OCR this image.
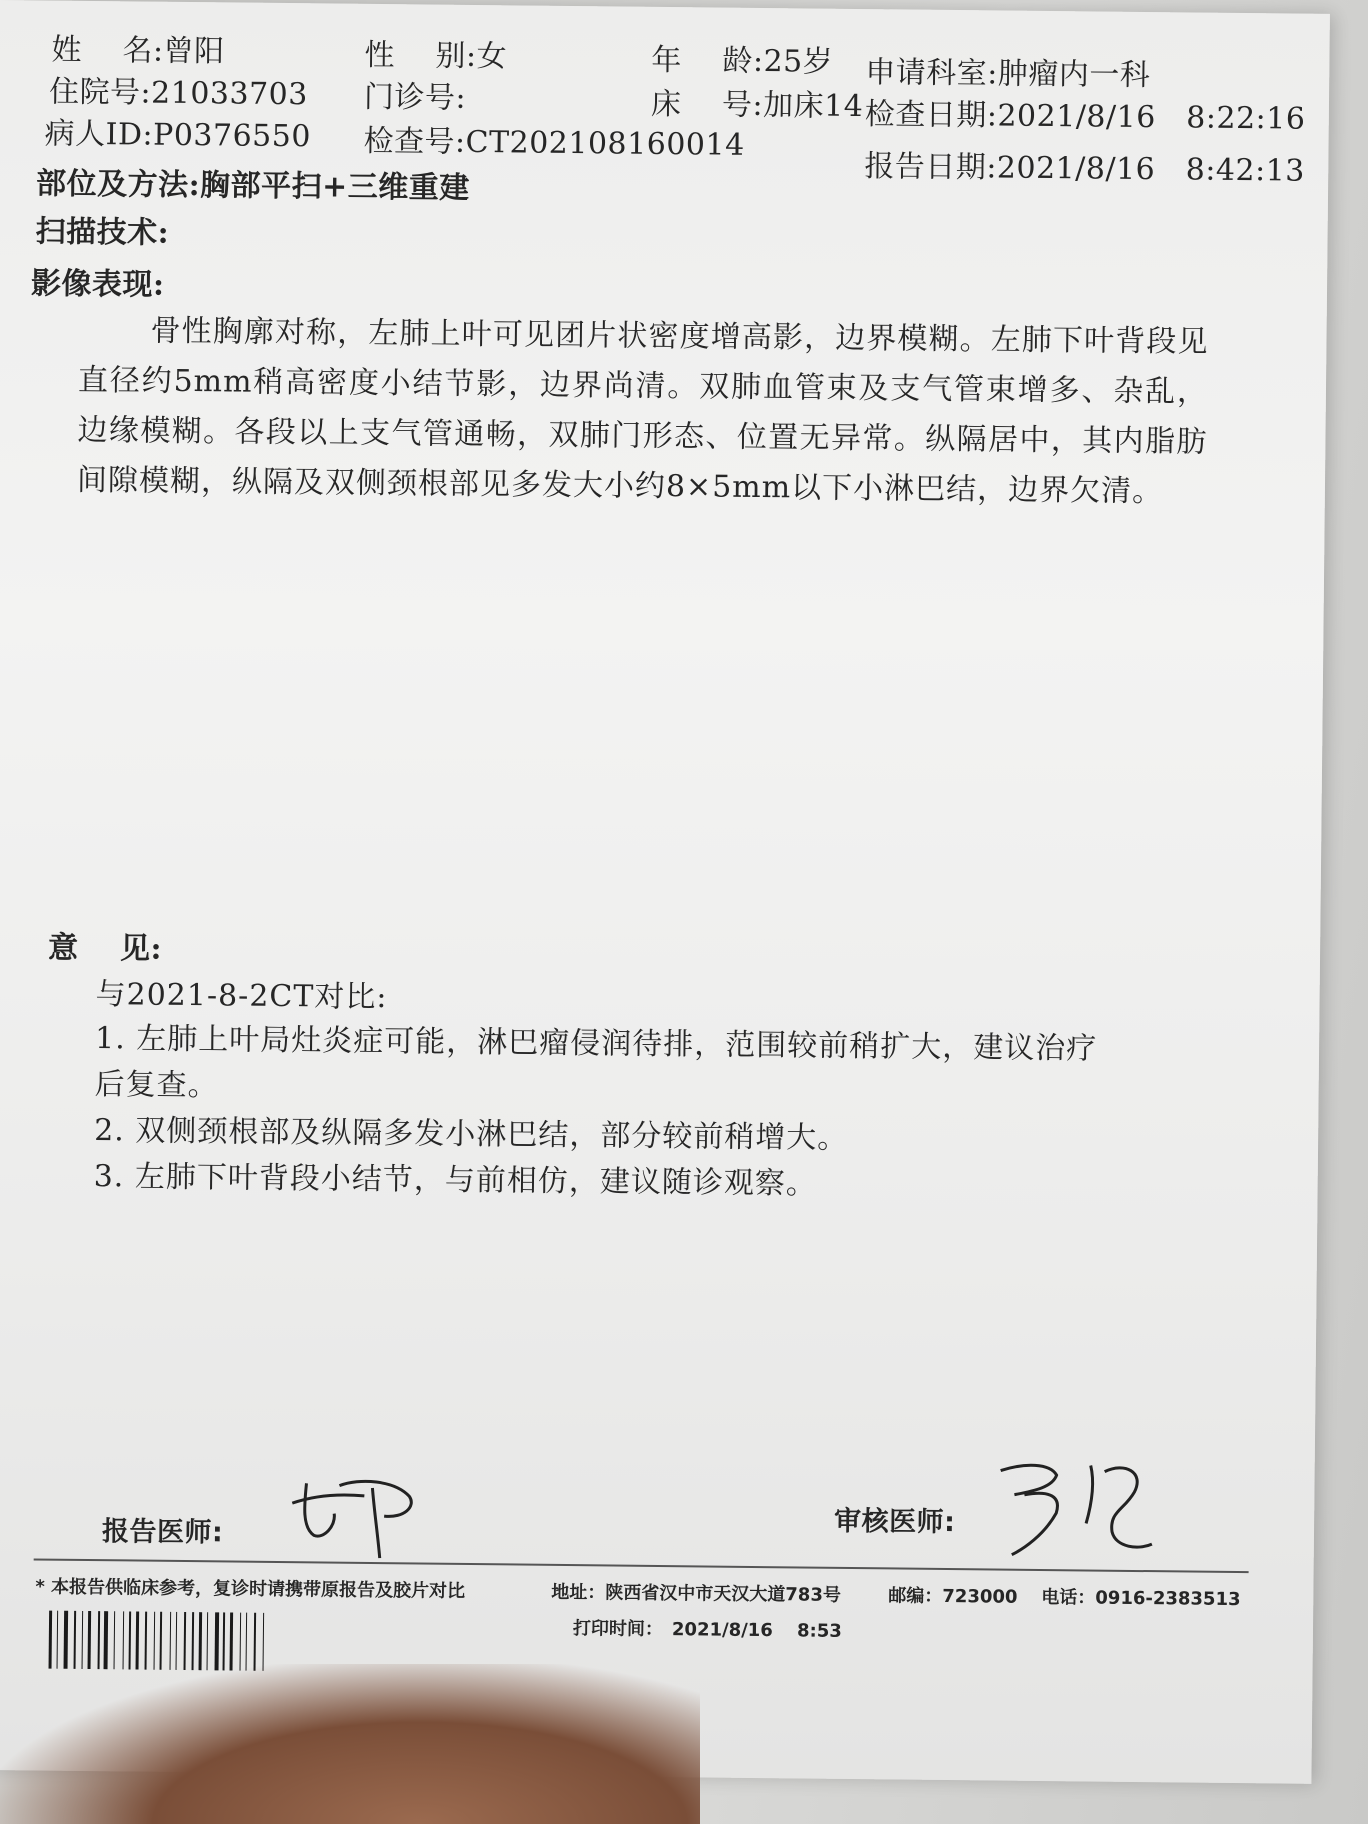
姓　 名:曾阳	性　 别:女	年　 龄:25岁 申请科室:肿瘤内一科
住院号:21033703 门诊号:	床　 号:加床14 检查日期:2021/8/16　8:22:16
病人ID:P0376550 检查号:CT202108160014
报告日期:2021/8/16　8:42:13
部位及方法:胸部平扫+三维重建
扫描技术:
影像表现:

骨性胸廓对称，左肺上叶可见团片状密度增高影，边界模糊。左肺下叶背段见直径约5mm稍高密度小结节影，边界尚清。双肺血管束及支气管束增多、杂乱，边缘模糊。各段以上支气管通畅，双肺门形态、位置无异常。纵隔居中，其内脂肪间隙模糊，纵隔及双侧颈根部见多发大小约8×5mm以下小淋巴结，边界欠清。

意　 见:
与2021-8-2CT对比:
1. 左肺上叶局灶炎症可能，淋巴瘤侵润待排，范围较前稍扩大，建议治疗
后复查。
2. 双侧颈根部及纵隔多发小淋巴结，部分较前稍增大。
3. 左肺下叶背段小结节，与前相仿，建议随诊观察。
报告医师:	审核医师:
* 本报告供临床参考，复诊时请携带原报告及胶片对比	地址：陕西省汉中市天汉大道783号	邮编：723000 电话：0916-2383513
打印时间：　2021/8/16　 8:53
